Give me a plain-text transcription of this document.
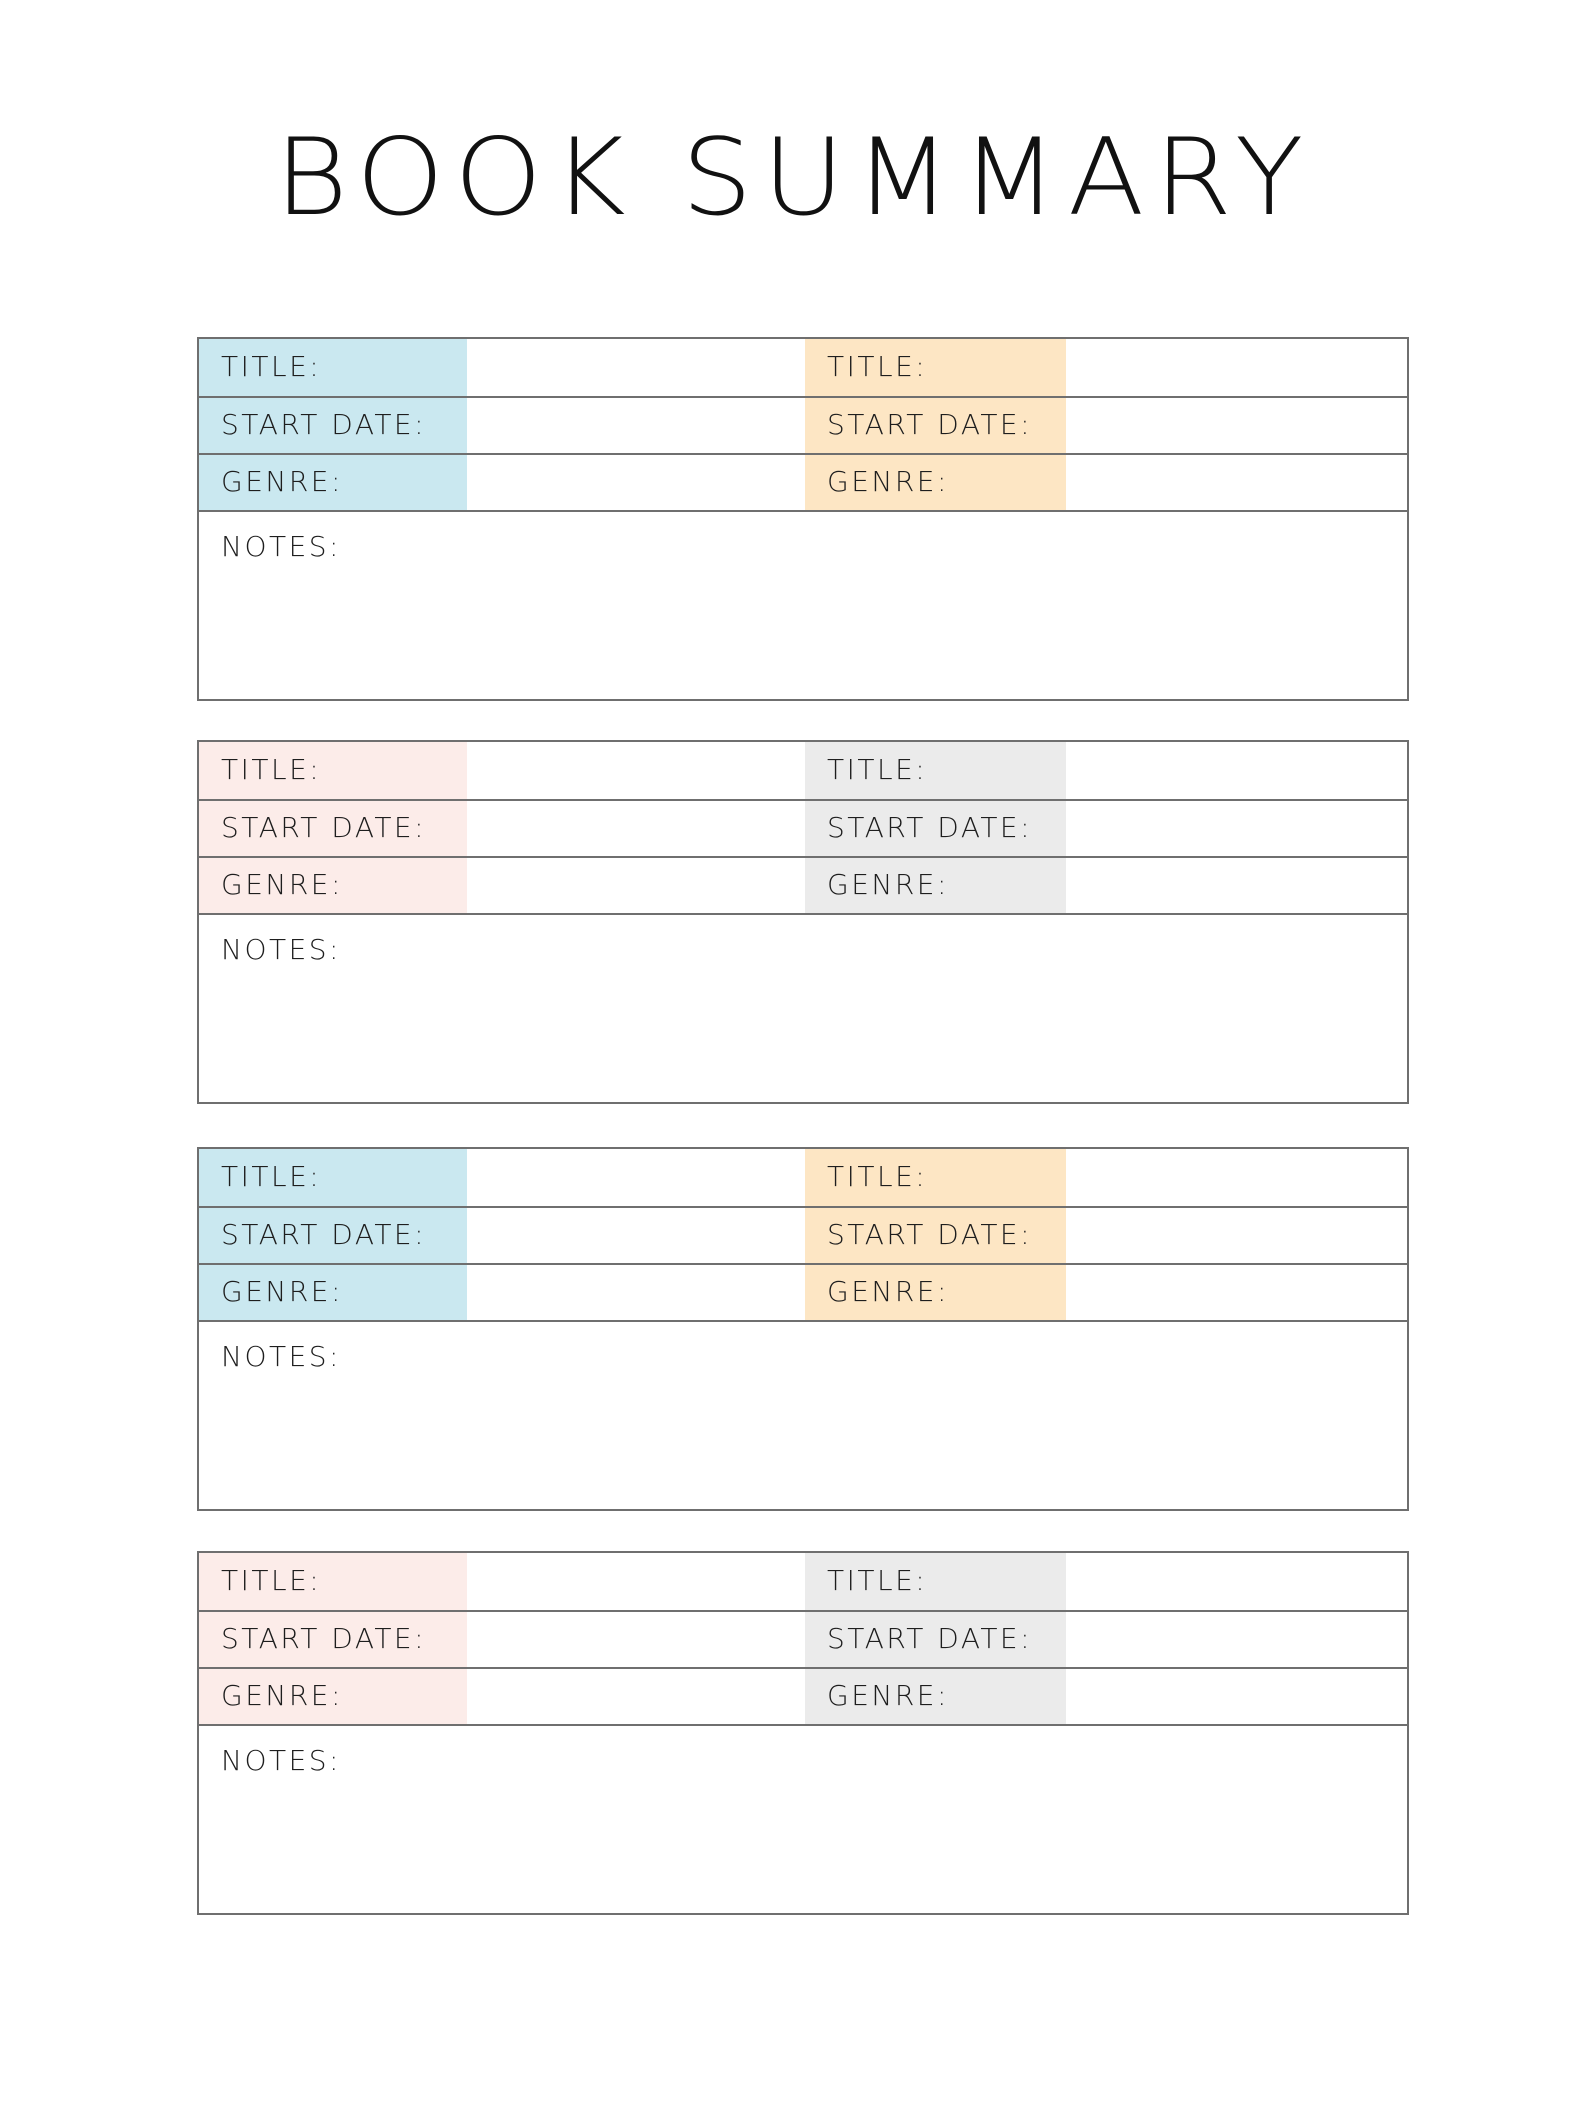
BOOK SUMMARY
TITLE:	TITLE:
START DATE:	START DATE:
GENRE:	GENRE:
NOTES:
TITLE:	TITLE:
START DATE:	START DATE:
GENRE:	GENRE:
NOTES:
TITLE:	TITLE:
START DATE:	START DATE:
GENRE:	GENRE:
NOTES:
TITLE:	TITLE:
START DATE:	START DATE:
GENRE:	GENRE:
NOTES:
